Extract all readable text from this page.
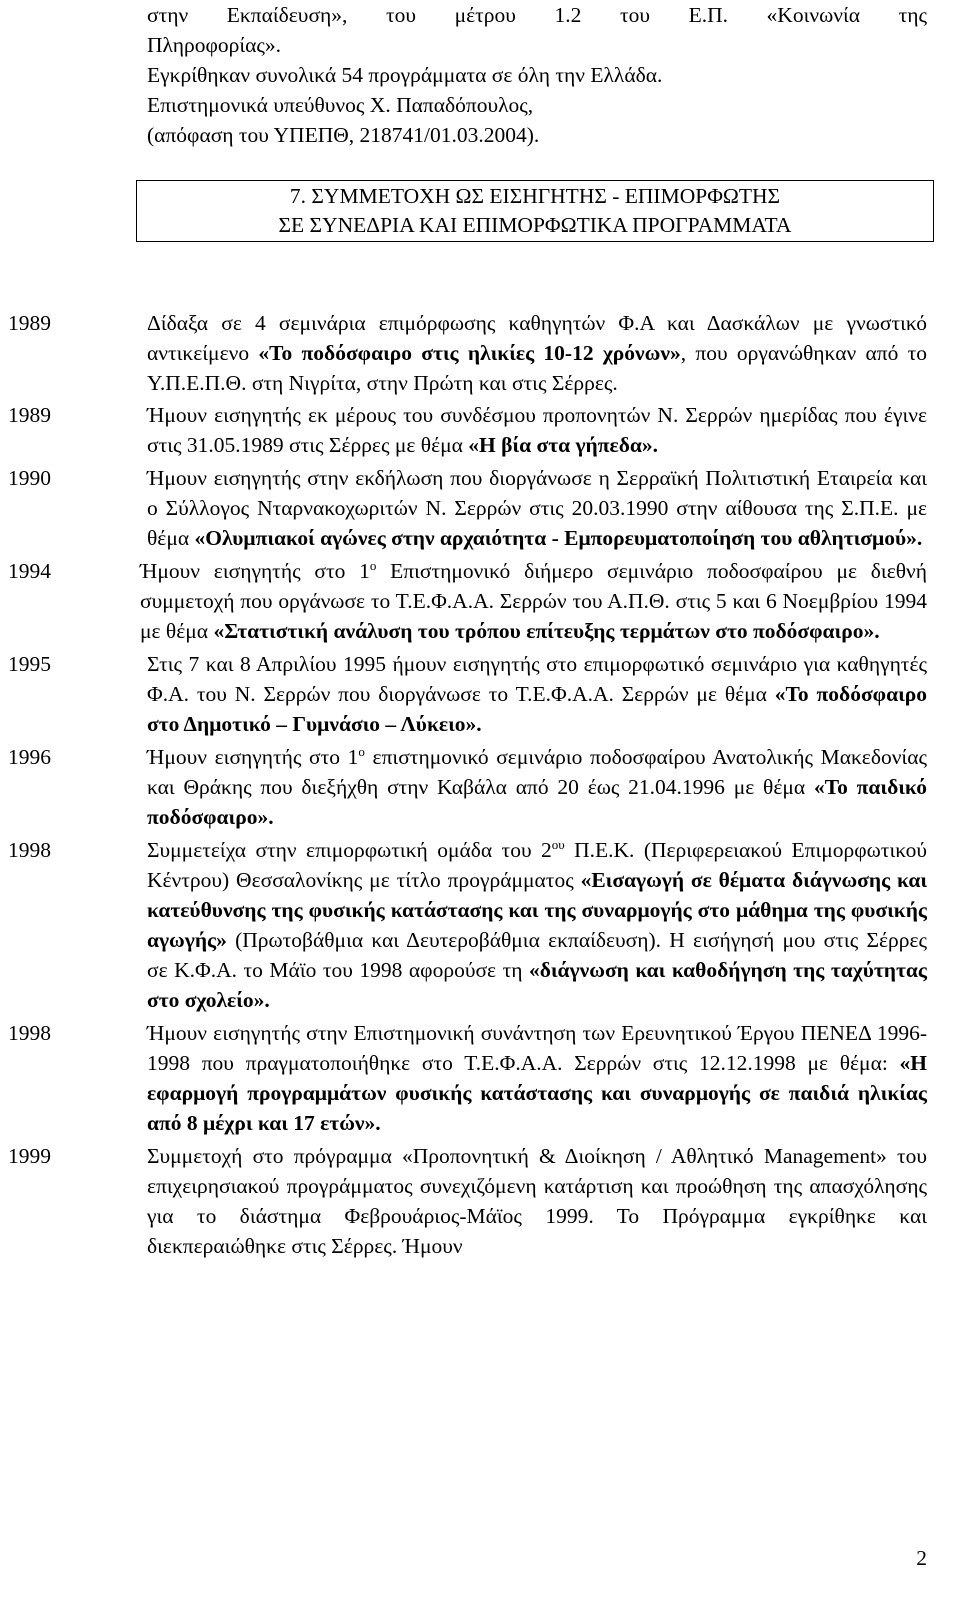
στην Εκπαίδευση», του μέτρου 1.2 του Ε.Π. «Κοινωνία της

Πληροφορίας».

Εγκρίθηκαν συνολικά 54 προγράμματα σε όλη την Ελλάδα.

Επιστημονικά υπεύθυνος Χ. Παπαδόπουλος,

(απόφαση του ΥΠΕΠΘ, 218741/01.03.2004).

7. ΣΥΜΜΕΤΟΧΗ ΩΣ ΕΙΣΗΓΗΤΗΣ - ΕΠΙΜΟΡΦΩΤΗΣ
ΣΕ ΣΥΝΕΔΡΙΑ ΚΑΙ ΕΠΙΜΟΡΦΩΤΙΚΑ ΠΡΟΓΡΑΜΜΑΤΑ
1989	Δίδαξα σε 4 σεμινάρια επιμόρφωσης καθηγητών Φ.Α και Δασκάλων με γνωστικό αντικείμενο «Το ποδόσφαιρο στις ηλικίες 10-12 χρόνων», που οργανώθηκαν από το Υ.Π.Ε.Π.Θ. στη Νιγρίτα, στην Πρώτη και στις Σέρρες.
1989	Ήμουν εισηγητής εκ μέρους του συνδέσμου προπονητών Ν. Σερρών ημερίδας που έγινε στις 31.05.1989 στις Σέρρες με θέμα «Η βία στα γήπεδα».
1990	Ήμουν εισηγητής στην εκδήλωση που διοργάνωσε η Σερραϊκή Πολιτιστική Εταιρεία και ο Σύλλογος Νταρνακοχωριτών Ν. Σερρών στις 20.03.1990 στην αίθουσα της Σ.Π.Ε. με θέμα «Ολυμπιακοί αγώνες στην αρχαιότητα - Εμπορευματοποίηση του αθλητισμού».
1994	Ήμουν εισηγητής στο $1^o$ Επιστημονικό διήμερο σεμινάριο ποδοσφαίρου με διεθνή συμμετοχή που οργάνωσε το Τ.Ε.Φ.Α.Α. Σερρών του Α.Π.Θ. στις 5 και 6 Νοεμβρίου 1994 με θέμα «Στατιστική ανάλυση του τρόπου επίτευξης τερμάτων στο ποδόσφαιρο».
1995	Στις 7 και 8 Απριλίου 1995 ήμουν εισηγητής στο επιμορφωτικό σεμινάριο για καθηγητές Φ.Α. του Ν. Σερρών που διοργάνωσε το Τ.Ε.Φ.Α.Α. Σερρών με θέμα «Το ποδόσφαιρο στο Δημοτικό – Γυμνάσιο – Λύκειο».
1996	Ήμουν εισηγητής στο $1^o$ επιστημονικό σεμινάριο ποδοσφαίρου Ανατολικής Μακεδονίας και Θράκης που διεξήχθη στην Καβάλα από 20 έως 21.04.1996 με θέμα «Το παιδικό ποδόσφαιρο».
1998	Συμμετείχα στην επιμορφωτική ομάδα του $2^{o\upsilon}$ Π.Ε.Κ. (Περιφερειακού Επιμορφωτικού Κέντρου) Θεσσαλονίκης με τίτλο προγράμματος «Εισαγωγή σε θέματα διάγνωσης και κατεύθυνσης της φυσικής κατάστασης και της συναρμογής στο μάθημα της φυσικής αγωγής» (Πρωτοβάθμια και Δευτεροβάθμια εκπαίδευση). Η εισήγησή μου στις Σέρρες σε Κ.Φ.Α. το Μάϊο του 1998 αφορούσε τη «διάγνωση και καθοδήγηση της ταχύτητας στο σχολείο».
1998	Ήμουν εισηγητής στην Επιστημονική συνάντηση των Ερευνητικού Έργου ΠΕΝΕΔ 1996-1998 που πραγματοποιήθηκε στο Τ.Ε.Φ.Α.Α. Σερρών στις 12.12.1998 με θέμα: «Η εφαρμογή προγραμμάτων φυσικής κατάστασης και συναρμογής σε παιδιά ηλικίας από 8 μέχρι και 17 ετών».
1999	Συμμετοχή στο πρόγραμμα «Προπονητική & Διοίκηση / Αθλητικό Management» του επιχειρησιακού προγράμματος συνεχιζόμενη κατάρτιση και προώθηση της απασχόλησης για το διάστημα Φεβρουάριος-Μάϊος 1999. Το Πρόγραμμα εγκρίθηκε και διεκπεραιώθηκε στις Σέρρες. Ήμουν
2
